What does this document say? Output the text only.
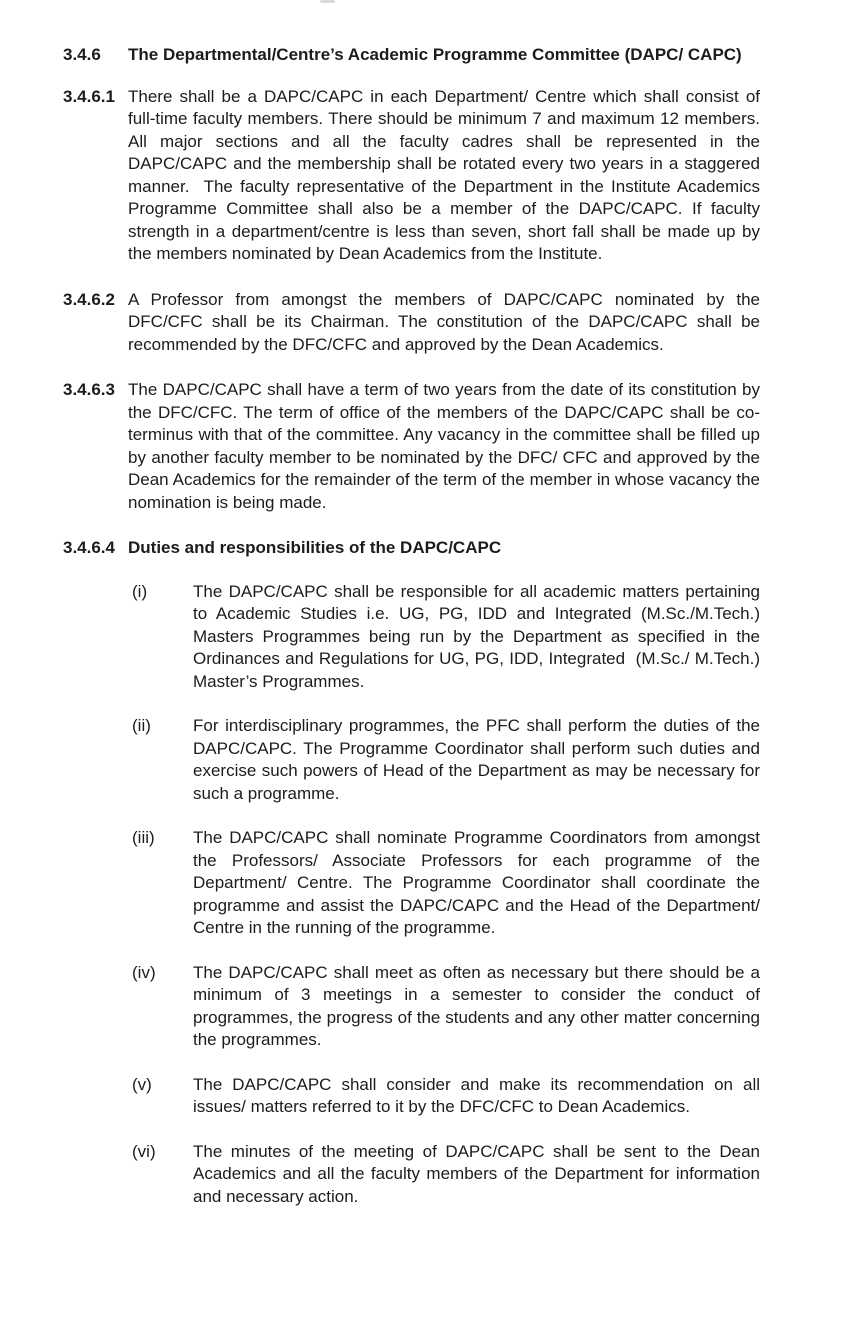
3.4.6	The Departmental/Centre’s Academic Programme Committee (DAPC/ CAPC)
3.4.6.1 There shall be a DAPC/CAPC in each Department/ Centre which shall consist of full-time faculty members. There should be minimum 7 and maximum 12 members. All major sections and all the faculty cadres shall be represented in the DAPC/CAPC and the membership shall be rotated every two years in a staggered manner.  The faculty representative of the Department in the Institute Academics Programme Committee shall also be a member of the DAPC/CAPC. If faculty strength in a department/centre is less than seven, short fall shall be made up by the members nominated by Dean Academics from the Institute.
3.4.6.2 A Professor from amongst the members of DAPC/CAPC nominated by the DFC/CFC shall be its Chairman. The constitution of the DAPC/CAPC shall be recommended by the DFC/CFC and approved by the Dean Academics.
3.4.6.3 The DAPC/CAPC shall have a term of two years from the date of its constitution by the DFC/CFC. The term of office of the members of the DAPC/CAPC shall be co-terminus with that of the committee. Any vacancy in the committee shall be filled up by another faculty member to be nominated by the DFC/ CFC and approved by the Dean Academics for the remainder of the term of the member in whose vacancy the nomination is being made.
3.4.6.4 Duties and responsibilities of the DAPC/CAPC
(i)	The DAPC/CAPC shall be responsible for all academic matters pertaining to Academic Studies i.e. UG, PG, IDD and Integrated (M.Sc./M.Tech.) Masters Programmes being run by the Department as specified in the Ordinances and Regulations for UG, PG, IDD, Integrated  (M.Sc./ M.Tech.) Master’s Programmes.
(ii)	For interdisciplinary programmes, the PFC shall perform the duties of the DAPC/CAPC. The Programme Coordinator shall perform such duties and exercise such powers of Head of the Department as may be necessary for such a programme.
(iii)	The DAPC/CAPC shall nominate Programme Coordinators from amongst the Professors/ Associate Professors for each programme of the Department/ Centre. The Programme Coordinator shall coordinate the programme and assist the DAPC/CAPC and the Head of the Department/ Centre in the running of the programme.
(iv)	The DAPC/CAPC shall meet as often as necessary but there should be a minimum of 3 meetings in a semester to consider the conduct of programmes, the progress of the students and any other matter concerning the programmes.
(v)	The DAPC/CAPC shall consider and make its recommendation on all issues/ matters referred to it by the DFC/CFC to Dean Academics.
(vi)	The minutes of the meeting of DAPC/CAPC shall be sent to the Dean Academics and all the faculty members of the Department for information and necessary action.
